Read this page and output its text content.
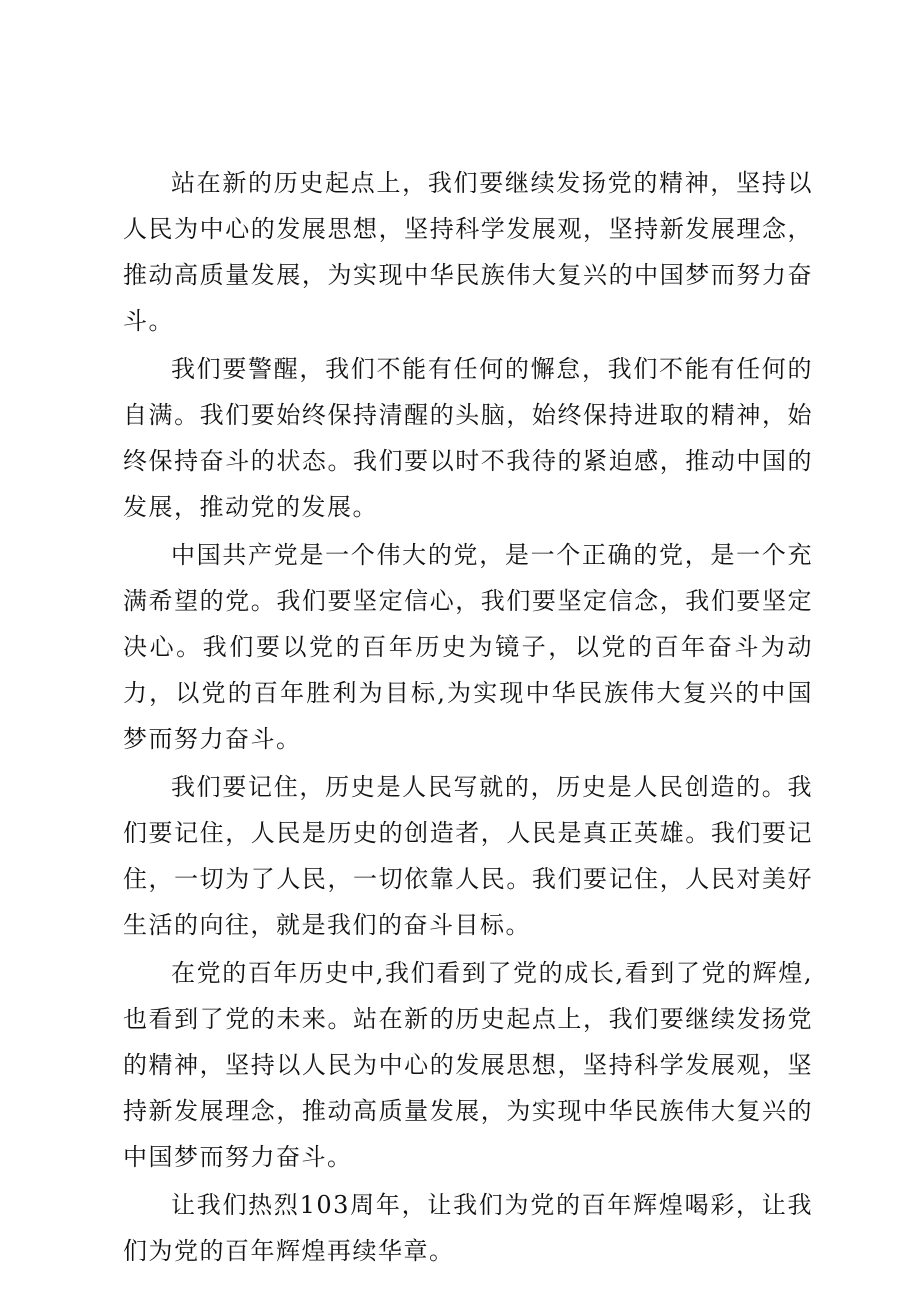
站在新的历史起点上，我们要继续发扬党的精神，坚持以人民为中心的发展思想，坚持科学发展观，坚持新发展理念，推动高质量发展，为实现中华民族伟大复兴的中国梦而努力奋斗。

我们要警醒，我们不能有任何的懈怠，我们不能有任何的自满。我们要始终保持清醒的头脑，始终保持进取的精神，始终保持奋斗的状态。我们要以时不我待的紧迫感，推动中国的发展，推动党的发展。

中国共产党是一个伟大的党，是一个正确的党，是一个充满希望的党。我们要坚定信心，我们要坚定信念，我们要坚定决心。我们要以党的百年历史为镜子，以党的百年奋斗为动力，以党的百年胜利为目标,为实现中华民族伟大复兴的中国梦而努力奋斗。

我们要记住，历史是人民写就的，历史是人民创造的。我们要记住，人民是历史的创造者，人民是真正英雄。我们要记住，一切为了人民，一切依靠人民。我们要记住，人民对美好生活的向往，就是我们的奋斗目标。

在党的百年历史中,我们看到了党的成长,看到了党的辉煌,也看到了党的未来。站在新的历史起点上，我们要继续发扬党的精神，坚持以人民为中心的发展思想，坚持科学发展观，坚持新发展理念，推动高质量发展，为实现中华民族伟大复兴的中国梦而努力奋斗。

让我们热烈103周年，让我们为党的百年辉煌喝彩，让我们为党的百年辉煌再续华章。
